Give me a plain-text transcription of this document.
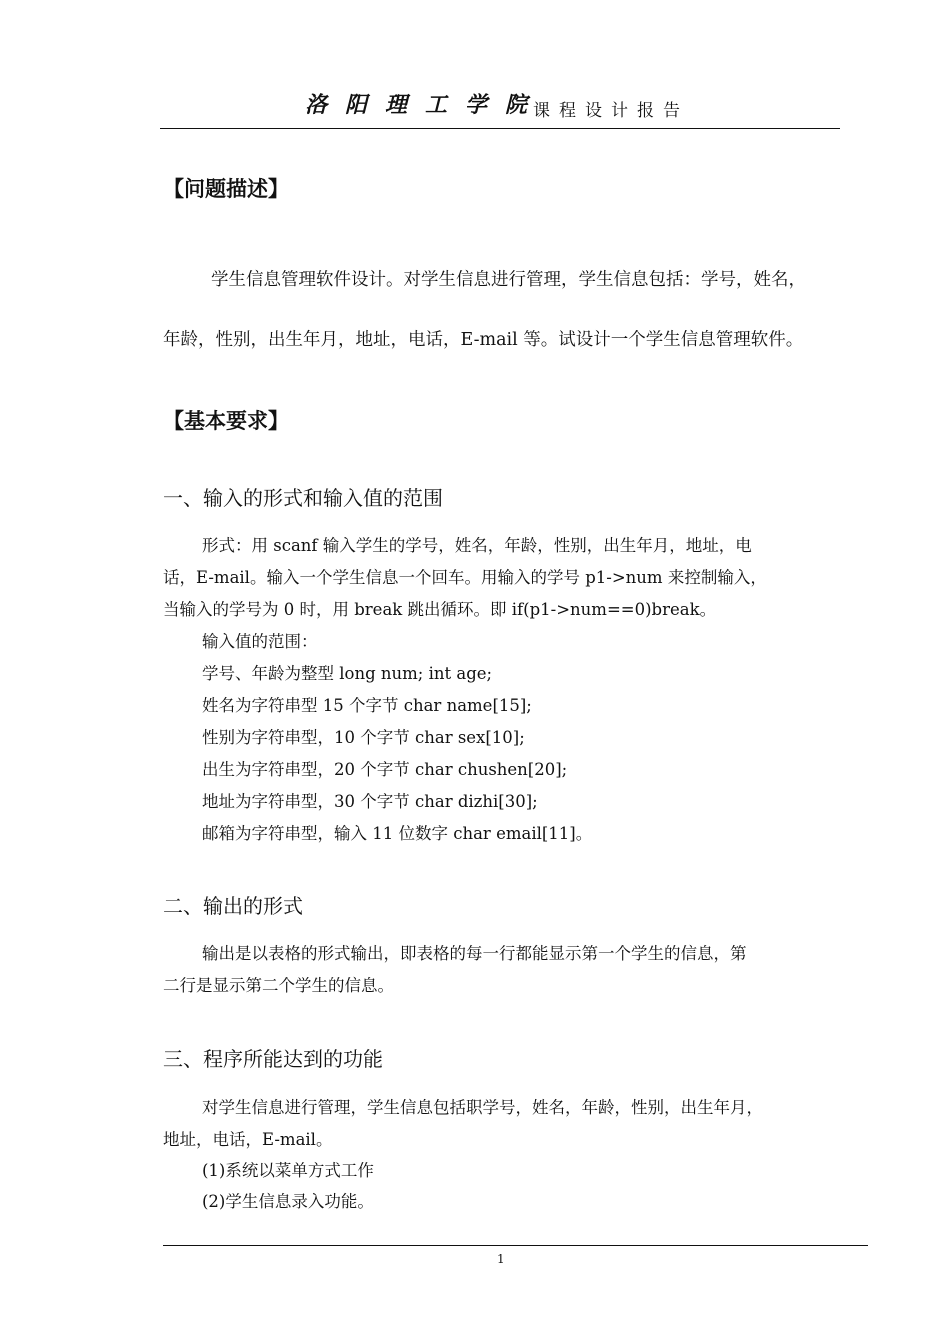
洛阳理工学院
课程设计报告
【问题描述】
学生信息管理软件设计。对学生信息进行管理，学生信息包括：学号，姓名，
年龄，性别，出生年月，地址，电话，E-mail 等。试设计一个学生信息管理软件。
【基本要求】
一、输入的形式和输入值的范围
形式：用 scanf 输入学生的学号，姓名，年龄，性别，出生年月，地址，电
话，E-mail。输入一个学生信息一个回车。用输入的学号 p1->num 来控制输入，
当输入的学号为 0 时，用 break 跳出循环。即 if(p1->num==0)break。
输入值的范围：
学号、年龄为整型 long num; int age;
姓名为字符串型 15 个字节 char name[15];
性别为字符串型，10 个字节 char sex[10];
出生为字符串型，20 个字节 char chushen[20];
地址为字符串型，30 个字节 char dizhi[30];
邮箱为字符串型，输入 11 位数字 char email[11]。
二、输出的形式
输出是以表格的形式输出，即表格的每一行都能显示第一个学生的信息，第
二行是显示第二个学生的信息。
三、程序所能达到的功能
对学生信息进行管理，学生信息包括职学号，姓名，年龄，性别，出生年月，
地址，电话，E-mail。
(1)系统以菜单方式工作
(2)学生信息录入功能。
1
